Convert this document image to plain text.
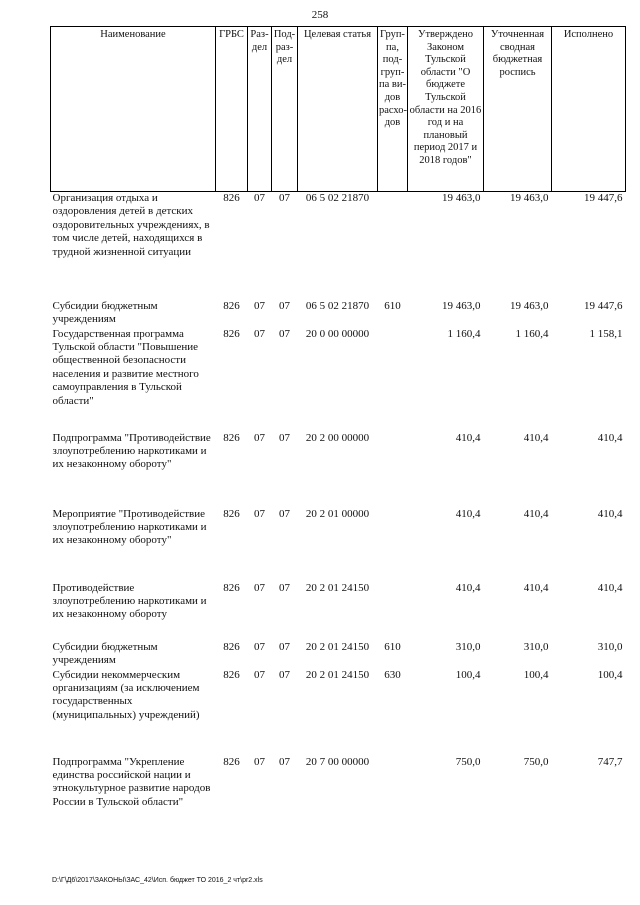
258
Наименование	ГРБС	Раз-дел	Под-раз-дел	Целевая статья	Груп-па, под-груп-па ви-дов расхо-дов	Утверждено Законом Тульской области "О бюджете Тульской области на 2016 год и на плановый период 2017 и 2018 годов"	Уточненная сводная бюджетная роспись	Исполнено
Организация отдыха и оздоровления детей в детских оздоровительных учреждениях, в том числе детей, находящихся в трудной жизненной ситуации	826	07	07	06 5 02 21870		19 463,0	19 463,0	19 447,6
Субсидии бюджетным учреждениям	826	07	07	06 5 02 21870	610	19 463,0	19 463,0	19 447,6
Государственная программа Тульской области "Повышение общественной безопасности населения и развитие местного самоуправления в Тульской области"	826	07	07	20 0 00 00000		1 160,4	1 160,4	1 158,1
Подпрограмма "Противодействие злоупотреблению наркотиками и их незаконному обороту"	826	07	07	20 2 00 00000		410,4	410,4	410,4
Мероприятие "Противодействие злоупотреблению наркотиками и их незаконному обороту"	826	07	07	20 2 01 00000		410,4	410,4	410,4
Противодействие злоупотреблению наркотиками и их незаконному обороту	826	07	07	20 2 01 24150		410,4	410,4	410,4
Субсидии бюджетным учреждениям	826	07	07	20 2 01 24150	610	310,0	310,0	310,0
Субсидии некоммерческим организациям (за исключением государственных (муниципальных) учреждений)	826	07	07	20 2 01 24150	630	100,4	100,4	100,4
Подпрограмма "Укрепление единства российской нации и этнокультурное развитие народов России в Тульской области"	826	07	07	20 7 00 00000		750,0	750,0	747,7
D:\Г\Д6\2017\ЗАКОНЫ\ЗАС_42\Исп. бюджет ТО 2016_2 чт\pr2.xls
